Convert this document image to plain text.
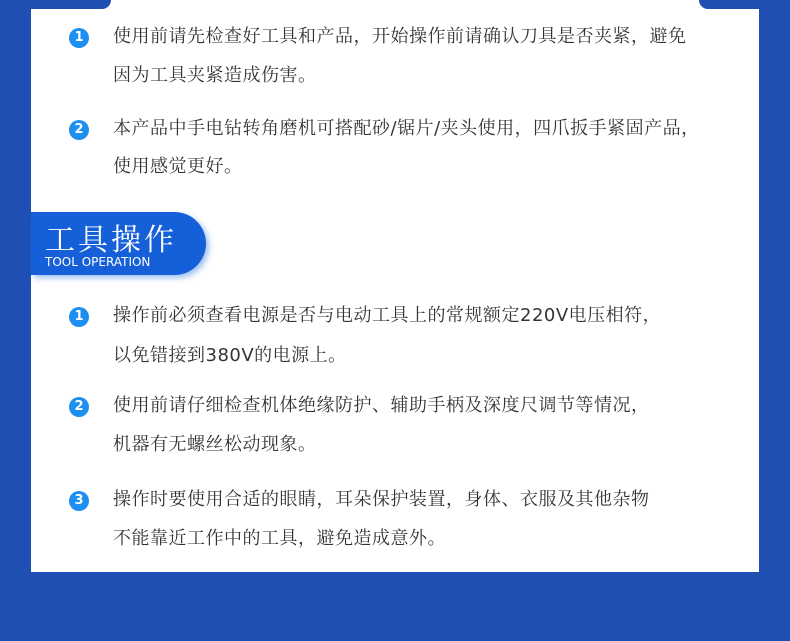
1	使用前请先检查好工具和产品，开始操作前请确认刀具是否夹紧，避免
因为工具夹紧造成伤害。
2	本产品中手电钻转角磨机可搭配砂/锯片/夹头使用，四爪扳手紧固产品，
使用感觉更好。
1	操作前必须查看电源是否与电动工具上的常规额定220V电压相符，
以免错接到380V的电源上。
2	使用前请仔细检查机体绝缘防护、辅助手柄及深度尺调节等情况，
机器有无螺丝松动现象。
3	操作时要使用合适的眼睛，耳朵保护装置，身体、衣服及其他杂物
不能靠近工作中的工具，避免造成意外。
工具操作
TOOL OPERATION
